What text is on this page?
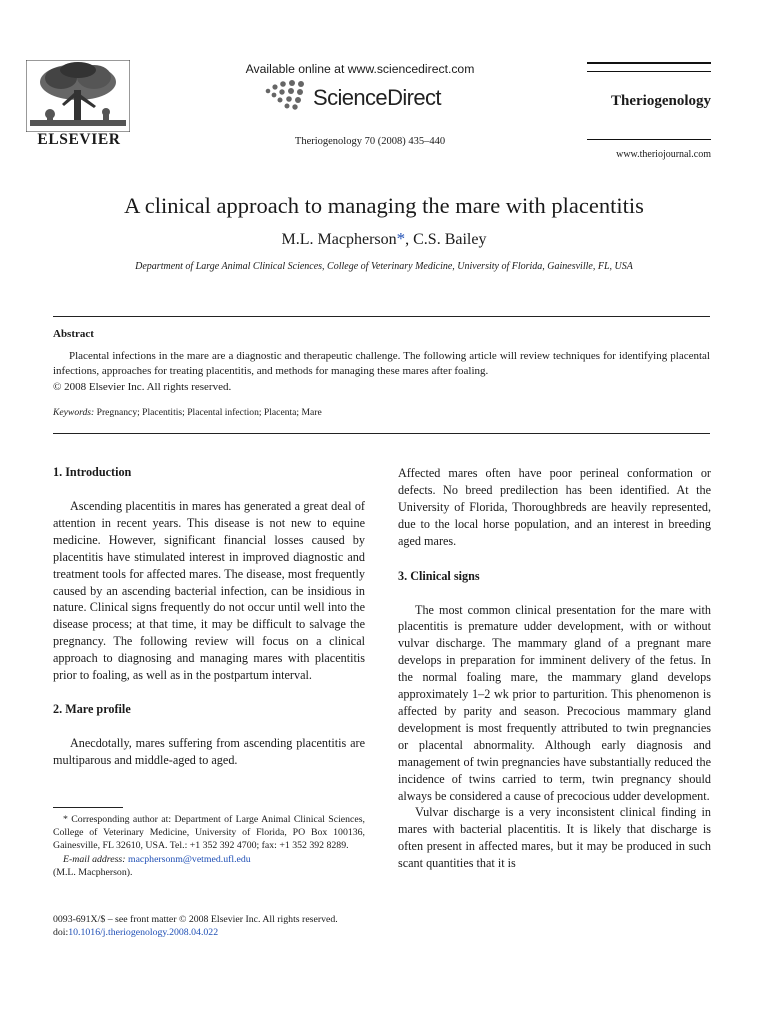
ELSEVIER
Available online at www.sciencedirect.com
ScienceDirect
Theriogenology 70 (2008) 435–440
Theriogenology
www.theriojournal.com
A clinical approach to managing the mare with placentitis
M.L. Macpherson*, C.S. Bailey
Department of Large Animal Clinical Sciences, College of Veterinary Medicine, University of Florida, Gainesville, FL, USA
Abstract

Placental infections in the mare are a diagnostic and therapeutic challenge. The following article will review techniques for identifying placental infections, approaches for treating placentitis, and methods for managing these mares after foaling.

© 2008 Elsevier Inc. All rights reserved.
Keywords: Pregnancy; Placentitis; Placental infection; Placenta; Mare
1. Introduction

Ascending placentitis in mares has generated a great deal of attention in recent years. This disease is not new to equine medicine. However, significant financial losses caused by placentitis have stimulated interest in improved diagnostic and treatment tools for affected mares. The disease, most frequently caused by an ascending bacterial infection, can be insidious in nature. Clinical signs frequently do not occur until well into the disease process; at that time, it may be difficult to salvage the pregnancy. The following review will focus on a clinical approach to diagnosing and managing mares with placentitis prior to foaling, as well as in the postpartum interval.

2. Mare profile

Anecdotally, mares suffering from ascending placentitis are multiparous and middle-aged to aged.

* Corresponding author at: Department of Large Animal Clinical Sciences, College of Veterinary Medicine, University of Florida, PO Box 100136, Gainesville, FL 32610, USA. Tel.: +1 352 392 4700; fax: +1 352 392 8289.

E-mail address: macphersonm@vetmed.ufl.edu

(M.L. Macpherson).

0093-691X/$ – see front matter © 2008 Elsevier Inc. All rights reserved.
doi:10.1016/j.theriogenology.2008.04.022

Affected mares often have poor perineal conformation or defects. No breed predilection has been identified. At the University of Florida, Thoroughbreds are heavily represented, due to the local horse population, and an interest in breeding aged mares.

3. Clinical signs

The most common clinical presentation for the mare with placentitis is premature udder development, with or without vulvar discharge. The mammary gland of a pregnant mare develops in preparation for imminent delivery of the fetus. In the normal foaling mare, the mammary gland develops approximately 1–2 wk prior to parturition. This phenomenon is affected by parity and season. Precocious mammary gland development is most frequently attributed to twin pregnancies or placental abnormality. Although early diagnosis and management of twin pregnancies have substantially reduced the incidence of twins carried to term, twin pregnancy should always be considered a cause of precocious udder development.

Vulvar discharge is a very inconsistent clinical finding in mares with bacterial placentitis. It is likely that discharge is often present in affected mares, but it may be produced in such scant quantities that it is
